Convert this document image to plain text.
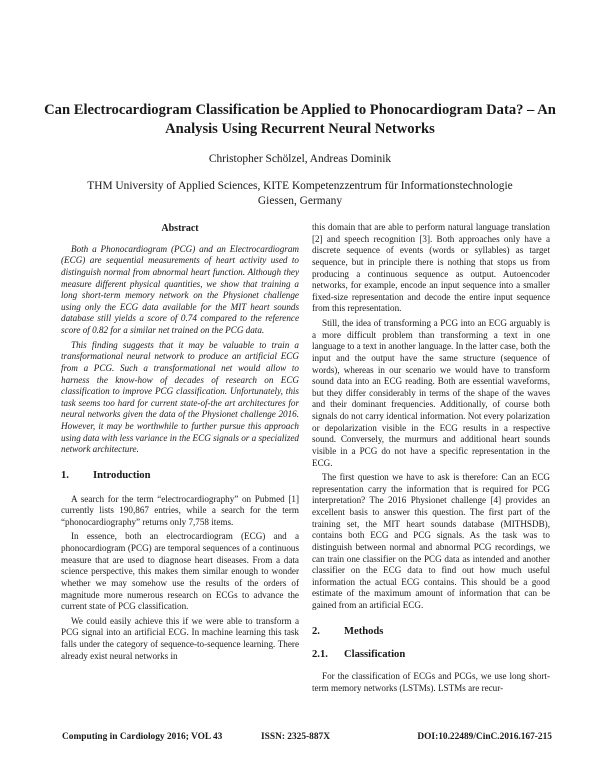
Can Electrocardiogram Classification be Applied to Phonocardiogram Data? – An Analysis Using Recurrent Neural Networks
Christopher Schölzel, Andreas Dominik
THM University of Applied Sciences, KITE Kompetenzzentrum für Informationstechnologie
Giessen, Germany
Abstract

Both a Phonocardiogram (PCG) and an Electrocardiogram (ECG) are sequential measurements of heart activity used to distinguish normal from abnormal heart function. Although they measure different physical quantities, we show that training a long short-term memory network on the Physionet challenge using only the ECG data available for the MIT heart sounds database still yields a score of 0.74 compared to the reference score of 0.82 for a similar net trained on the PCG data.

This finding suggests that it may be valuable to train a transformational neural network to produce an artificial ECG from a PCG. Such a transformational net would allow to harness the know-how of decades of research on ECG classification to improve PCG classification. Unfortunately, this task seems too hard for current state-of-the art architectures for neural networks given the data of the Physionet challenge 2016. However, it may be worthwhile to further pursue this approach using data with less variance in the ECG signals or a specialized network architecture.

1. Introduction

A search for the term “electrocardiography” on Pubmed [1] currently lists 190,867 entries, while a search for the term “phonocardiography” returns only 7,758 items.

In essence, both an electrocardiogram (ECG) and a phonocardiogram (PCG) are temporal sequences of a continuous measure that are used to diagnose heart diseases. From a data science perspective, this makes them similar enough to wonder whether we may somehow use the results of the orders of magnitude more numerous research on ECGs to advance the current state of PCG classification.

We could easily achieve this if we were able to transform a PCG signal into an artificial ECG. In machine learning this task falls under the category of sequence-to-sequence learning. There already exist neural networks in

this domain that are able to perform natural language translation [2] and speech recognition [3]. Both approaches only have a discrete sequence of events (words or syllables) as target sequence, but in principle there is nothing that stops us from producing a continuous sequence as output. Autoencoder networks, for example, encode an input sequence into a smaller fixed-size representation and decode the entire input sequence from this representation.

Still, the idea of transforming a PCG into an ECG arguably is a more difficult problem than transforming a text in one language to a text in another language. In the latter case, both the input and the output have the same structure (sequence of words), whereas in our scenario we would have to transform sound data into an ECG reading. Both are essential waveforms, but they differ considerably in terms of the shape of the waves and their dominant frequencies. Additionally, of course both signals do not carry identical information. Not every polarization or depolarization visible in the ECG results in a respective sound. Conversely, the murmurs and additional heart sounds visible in a PCG do not have a specific representation in the ECG.

The first question we have to ask is therefore: Can an ECG representation carry the information that is required for PCG interpretation? The 2016 Physionet challenge [4] provides an excellent basis to answer this question. The first part of the training set, the MIT heart sounds database (MITHSDB), contains both ECG and PCG signals. As the task was to distinguish between normal and abnormal PCG recordings, we can train one classifier on the PCG data as intended and another classifier on the ECG data to find out how much useful information the actual ECG contains. This should be a good estimate of the maximum amount of information that can be gained from an artificial ECG.

2. Methods
2.1. Classification

For the classification of ECGs and PCGs, we use long short-term memory networks (LSTMs). LSTMs are recur-

Computing in Cardiology 2016; VOL 43	ISSN: 2325-887X	DOI:10.22489/CinC.2016.167-215
